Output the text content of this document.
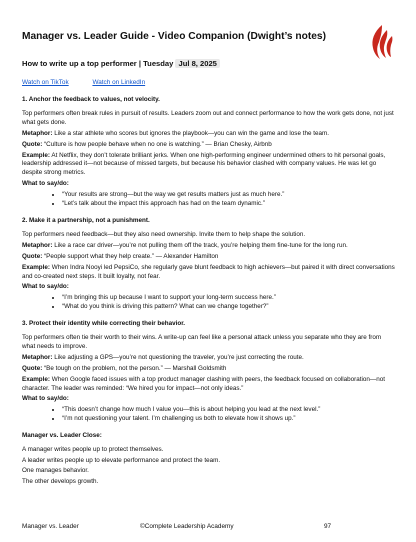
Manager vs. Leader Guide - Video Companion (Dwight’s notes)
How to write up a top performer | Tuesday Jul 8, 2025
Watch on TikTok	Watch on LinkedIn
1. Anchor the feedback to values, not velocity.
Top performers often break rules in pursuit of results. Leaders zoom out and connect performance to how the work gets done, not just what gets done.
Metaphor: Like a star athlete who scores but ignores the playbook—you can win the game and lose the team.
Quote: “Culture is how people behave when no one is watching.” — Brian Chesky, Airbnb
Example: At Netflix, they don’t tolerate brilliant jerks. When one high-performing engineer undermined others to hit personal goals, leadership addressed it—not because of missed targets, but because his behavior clashed with company values. He was let go despite strong metrics.
What to say/do:
• “Your results are strong—but the way we get results matters just as much here.”
• “Let’s talk about the impact this approach has had on the team dynamic.”
2. Make it a partnership, not a punishment.
Top performers need feedback—but they also need ownership. Invite them to help shape the solution.
Metaphor: Like a race car driver—you’re not pulling them off the track, you’re helping them fine-tune for the long run.
Quote: “People support what they help create.” — Alexander Hamilton
Example: When Indra Nooyi led PepsiCo, she regularly gave blunt feedback to high achievers—but paired it with direct conversations and co-created next steps. It built loyalty, not fear.
What to say/do:
• “I’m bringing this up because I want to support your long-term success here.”
• “What do you think is driving this pattern? What can we change together?”
3. Protect their identity while correcting their behavior.
Top performers often tie their worth to their wins. A write-up can feel like a personal attack unless you separate who they are from what needs to improve.
Metaphor: Like adjusting a GPS—you’re not questioning the traveler, you’re just correcting the route.
Quote: “Be tough on the problem, not the person.” — Marshall Goldsmith
Example: When Google faced issues with a top product manager clashing with peers, the feedback focused on collaboration—not character. The leader was reminded: “We hired you for impact—not only ideas.”
What to say/do:
• “This doesn’t change how much I value you—this is about helping you lead at the next level.”
• “I’m not questioning your talent. I’m challenging us both to elevate how it shows up.”
Manager vs. Leader Close:
A manager writes people up to protect themselves.
A leader writes people up to elevate performance and protect the team.
One manages behavior.
The other develops growth.
Manager vs. Leader	©Complete Leadership Academy	97
